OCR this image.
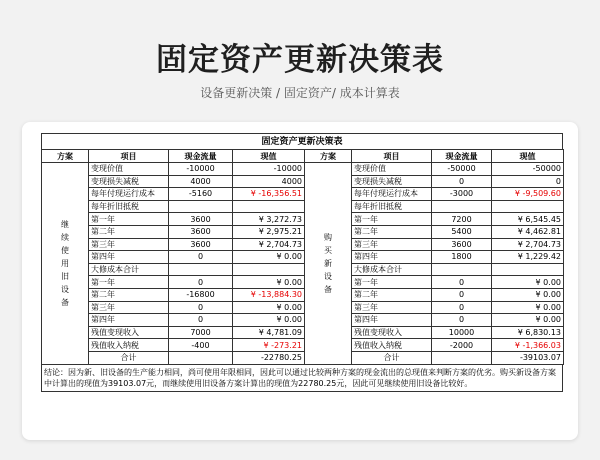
固定资产更新决策表
设备更新决策 / 固定资产/ 成本计算表
固定资产更新决策表
方案	项目	现金流量	现值	方案	项目	现金流量	现值
继续使用旧设备	变现价值	-10000	-10000	购买新设备	变现价值	-50000	-50000
	变现损失减税	4000	4000		变现损失减税	0	0
	每年付现运行成本	-5160	¥ -16,356.51		每年付现运行成本	-3000	¥ -9,509.60
	每年折旧抵税				每年折旧抵税		
	第一年	3600	¥ 3,272.73		第一年	7200	¥ 6,545.45
	第二年	3600	¥ 2,975.21		第二年	5400	¥ 4,462.81
	第三年	3600	¥ 2,704.73		第三年	3600	¥ 2,704.73
	第四年	0	¥ 0.00		第四年	1800	¥ 1,229.42
	大修成本合计				大修成本合计		
	第一年	0	¥ 0.00		第一年	0	¥ 0.00
	第二年	-16800	¥ -13,884.30		第二年	0	¥ 0.00
	第三年	0	¥ 0.00		第三年	0	¥ 0.00
	第四年	0	¥ 0.00		第四年	0	¥ 0.00
	残值变现收入	7000	¥ 4,781.09		残值变现收入	10000	¥ 6,830.13
	残值收入纳税	-400	¥ -273.21		残值收入纳税	-2000	¥ -1,366.03
	合计		-22780.25		合计		-39103.07
结论：因为新、旧设备的生产能力相同，尚可使用年限相同，因此可以通过比较两种方案的现金流出的总现值来判断方案的优劣。购买新设备方案中计算出的现值为39103.07元，而继续使用旧设备方案计算出的现值为22780.25元，因此可见继续使用旧设备比较好。
